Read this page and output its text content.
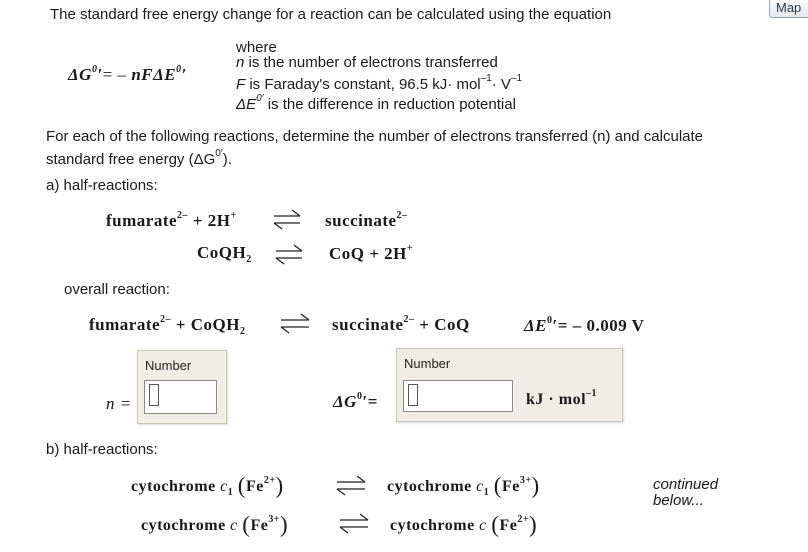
Map
The standard free energy change for a reaction can be calculated using the equation
$\Delta G^0'= - nF\Delta E^0'$
where
n is the number of electrons transferred
F is Faraday's constant, 96.5 $kJ\cdot mol^{-1}\cdot V^{-1}$
$\Delta E^{0'}$ is the difference in reduction potential
For each of the following reactions, determine the number of electrons transferred (n) and calculate
standard free energy $(\Delta G^{0'})$.
a) half-reactions:
fumarate$^{2-}$ + 2H+ ⇌ succinate$^{2-}$
CoQH$_2$ ⇌ CoQ + 2H+
overall reaction:
fumarate$^{2-}$ + CoQH$_2$ ⇌ succinate$^{2-}$ + CoQ	$\Delta E^0'= - 0.009$ V
n =
Number
$\Delta G^0'=$
Number
kJ · mol$^{-1}$
b) half-reactions:
cytochrome $c_1$ $(Fe^{2+})$	⇌ cytochrome $c_1$ $(Fe^{3+})$
cytochrome c $(Fe^{3+})$	⇌ cytochrome c $(Fe^{2+})$
continued
below...
